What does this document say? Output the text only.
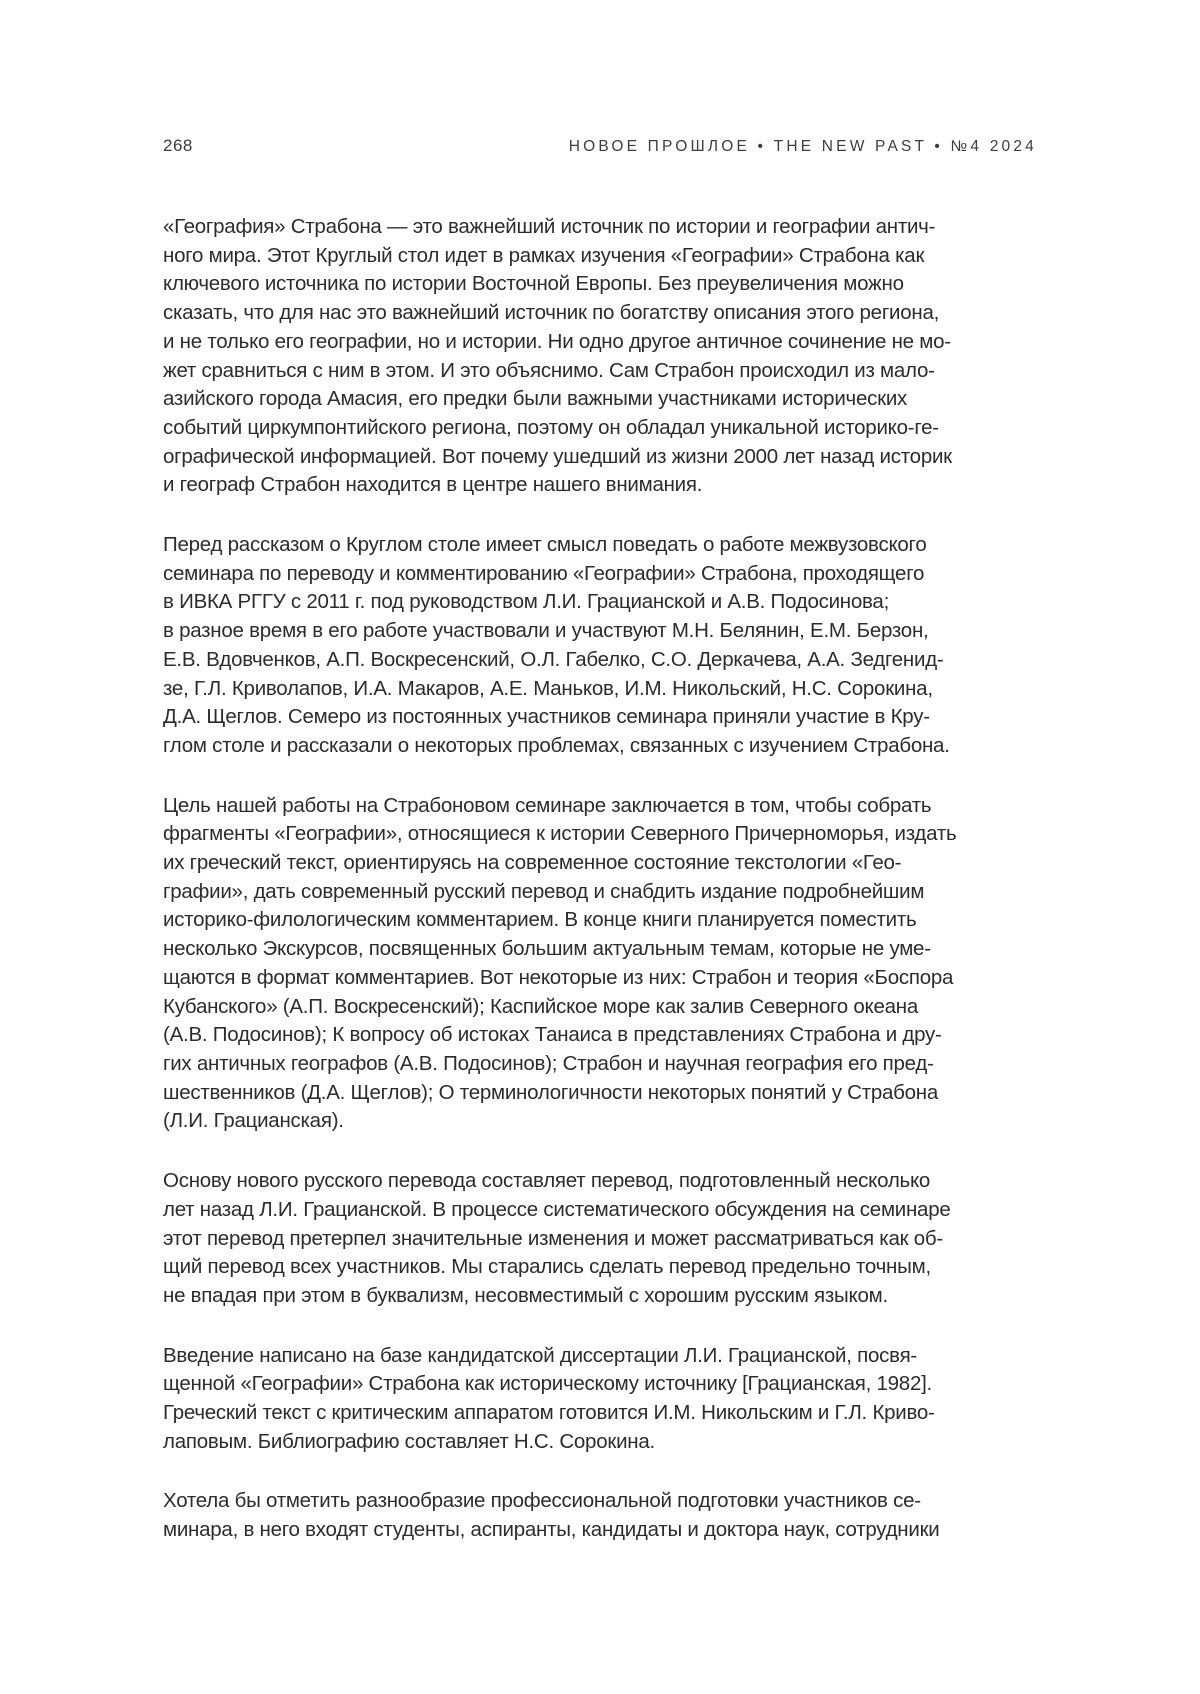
268	НОВОЕ ПРОШЛОЕ • THE NEW PAST • №4 2024

«География» Страбона — это важнейший источник по истории и географии антич-
ного мира. Этот Круглый стол идет в рамках изучения «Географии» Страбона как
ключевого источника по истории Восточной Европы. Без преувеличения можно
сказать, что для нас это важнейший источник по богатству описания этого региона,
и не только его географии, но и истории. Ни одно другое античное сочинение не мо-
жет сравниться с ним в этом. И это объяснимо. Сам Страбон происходил из мало-
азийского города Амасия, его предки были важными участниками исторических
событий циркумпонтийского региона, поэтому он обладал уникальной историко-ге-
ографической информацией. Вот почему ушедший из жизни 2000 лет назад историк
и географ Страбон находится в центре нашего внимания.

Перед рассказом о Круглом столе имеет смысл поведать о работе межвузовского
семинара по переводу и комментированию «Географии» Страбона, проходящего
в ИВКА РГГУ с 2011 г. под руководством Л.И. Грацианской и А.В. Подосинова;
в разное время в его работе участвовали и участвуют М.Н. Белянин, Е.М. Берзон,
Е.В. Вдовченков, А.П. Воскресенский, О.Л. Габелко, С.О. Деркачева, А.А. Зедгенид-
зе, Г.Л. Криволапов, И.А. Макаров, А.Е. Маньков, И.М. Никольский, Н.С. Сорокина,
Д.А. Щеглов. Семеро из постоянных участников семинара приняли участие в Кру-
глом столе и рассказали о некоторых проблемах, связанных с изучением Страбона.

Цель нашей работы на Страбоновом семинаре заключается в том, чтобы собрать
фрагменты «Географии», относящиеся к истории Северного Причерноморья, издать
их греческий текст, ориентируясь на современное состояние текстологии «Гео-
графии», дать современный русский перевод и снабдить издание подробнейшим
историко-филологическим комментарием. В конце книги планируется поместить
несколько Экскурсов, посвященных большим актуальным темам, которые не уме-
щаются в формат комментариев. Вот некоторые из них: Страбон и теория «Боспора
Кубанского» (А.П. Воскресенский); Каспийское море как залив Северного океана
(А.В. Подосинов); К вопросу об истоках Танаиса в представлениях Страбона и дру-
гих античных географов (А.В. Подосинов); Страбон и научная география его пред-
шественников (Д.А. Щеглов); О терминологичности некоторых понятий у Страбона
(Л.И. Грацианская).

Основу нового русского перевода составляет перевод, подготовленный несколько
лет назад Л.И. Грацианской. В процессе систематического обсуждения на семинаре
этот перевод претерпел значительные изменения и может рассматриваться как об-
щий перевод всех участников. Мы старались сделать перевод предельно точным,
не впадая при этом в буквализм, несовместимый с хорошим русским языком.

Введение написано на базе кандидатской диссертации Л.И. Грацианской, посвя-
щенной «Географии» Страбона как историческому источнику [Грацианская, 1982].
Греческий текст с критическим аппаратом готовится И.М. Никольским и Г.Л. Криво-
лаповым. Библиографию составляет Н.С. Сорокина.

Хотела бы отметить разнообразие профессиональной подготовки участников се-
минара, в него входят студенты, аспиранты, кандидаты и доктора наук, сотрудники
